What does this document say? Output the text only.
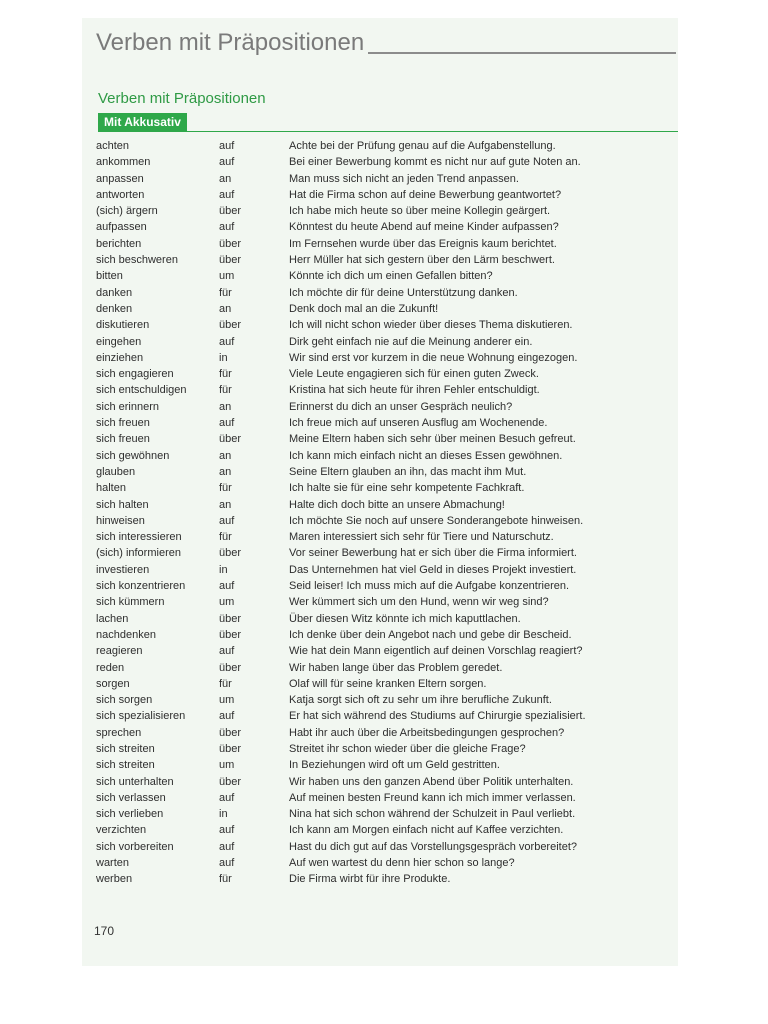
Verben mit Präpositionen
Verben mit Präpositionen
Mit Akkusativ
achten	auf	Achte bei der Prüfung genau auf die Aufgabenstellung.
ankommen	auf	Bei einer Bewerbung kommt es nicht nur auf gute Noten an.
anpassen	an	Man muss sich nicht an jeden Trend anpassen.
antworten	auf	Hat die Firma schon auf deine Bewerbung geantwortet?
(sich) ärgern	über	Ich habe mich heute so über meine Kollegin geärgert.
aufpassen	auf	Könntest du heute Abend auf meine Kinder aufpassen?
berichten	über	Im Fernsehen wurde über das Ereignis kaum berichtet.
sich beschweren	über	Herr Müller hat sich gestern über den Lärm beschwert.
bitten	um	Könnte ich dich um einen Gefallen bitten?
danken	für	Ich möchte dir für deine Unterstützung danken.
denken	an	Denk doch mal an die Zukunft!
diskutieren	über	Ich will nicht schon wieder über dieses Thema diskutieren.
eingehen	auf	Dirk geht einfach nie auf die Meinung anderer ein.
einziehen	in	Wir sind erst vor kurzem in die neue Wohnung eingezogen.
sich engagieren	für	Viele Leute engagieren sich für einen guten Zweck.
sich entschuldigen	für	Kristina hat sich heute für ihren Fehler entschuldigt.
sich erinnern	an	Erinnerst du dich an unser Gespräch neulich?
sich freuen	auf	Ich freue mich auf unseren Ausflug am Wochenende.
sich freuen	über	Meine Eltern haben sich sehr über meinen Besuch gefreut.
sich gewöhnen	an	Ich kann mich einfach nicht an dieses Essen gewöhnen.
glauben	an	Seine Eltern glauben an ihn, das macht ihm Mut.
halten	für	Ich halte sie für eine sehr kompetente Fachkraft.
sich halten	an	Halte dich doch bitte an unsere Abmachung!
hinweisen	auf	Ich möchte Sie noch auf unsere Sonderangebote hinweisen.
sich interessieren	für	Maren interessiert sich sehr für Tiere und Naturschutz.
(sich) informieren	über	Vor seiner Bewerbung hat er sich über die Firma informiert.
investieren	in	Das Unternehmen hat viel Geld in dieses Projekt investiert.
sich konzentrieren	auf	Seid leiser! Ich muss mich auf die Aufgabe konzentrieren.
sich kümmern	um	Wer kümmert sich um den Hund, wenn wir weg sind?
lachen	über	Über diesen Witz könnte ich mich kaputtlachen.
nachdenken	über	Ich denke über dein Angebot nach und gebe dir Bescheid.
reagieren	auf	Wie hat dein Mann eigentlich auf deinen Vorschlag reagiert?
reden	über	Wir haben lange über das Problem geredet.
sorgen	für	Olaf will für seine kranken Eltern sorgen.
sich sorgen	um	Katja sorgt sich oft zu sehr um ihre berufliche Zukunft.
sich spezialisieren	auf	Er hat sich während des Studiums auf Chirurgie spezialisiert.
sprechen	über	Habt ihr auch über die Arbeitsbedingungen gesprochen?
sich streiten	über	Streitet ihr schon wieder über die gleiche Frage?
sich streiten	um	In Beziehungen wird oft um Geld gestritten.
sich unterhalten	über	Wir haben uns den ganzen Abend über Politik unterhalten.
sich verlassen	auf	Auf meinen besten Freund kann ich mich immer verlassen.
sich verlieben	in	Nina hat sich schon während der Schulzeit in Paul verliebt.
verzichten	auf	Ich kann am Morgen einfach nicht auf Kaffee verzichten.
sich vorbereiten	auf	Hast du dich gut auf das Vorstellungsgespräch vorbereitet?
warten	auf	Auf wen wartest du denn hier schon so lange?
werben	für	Die Firma wirbt für ihre Produkte.
170
